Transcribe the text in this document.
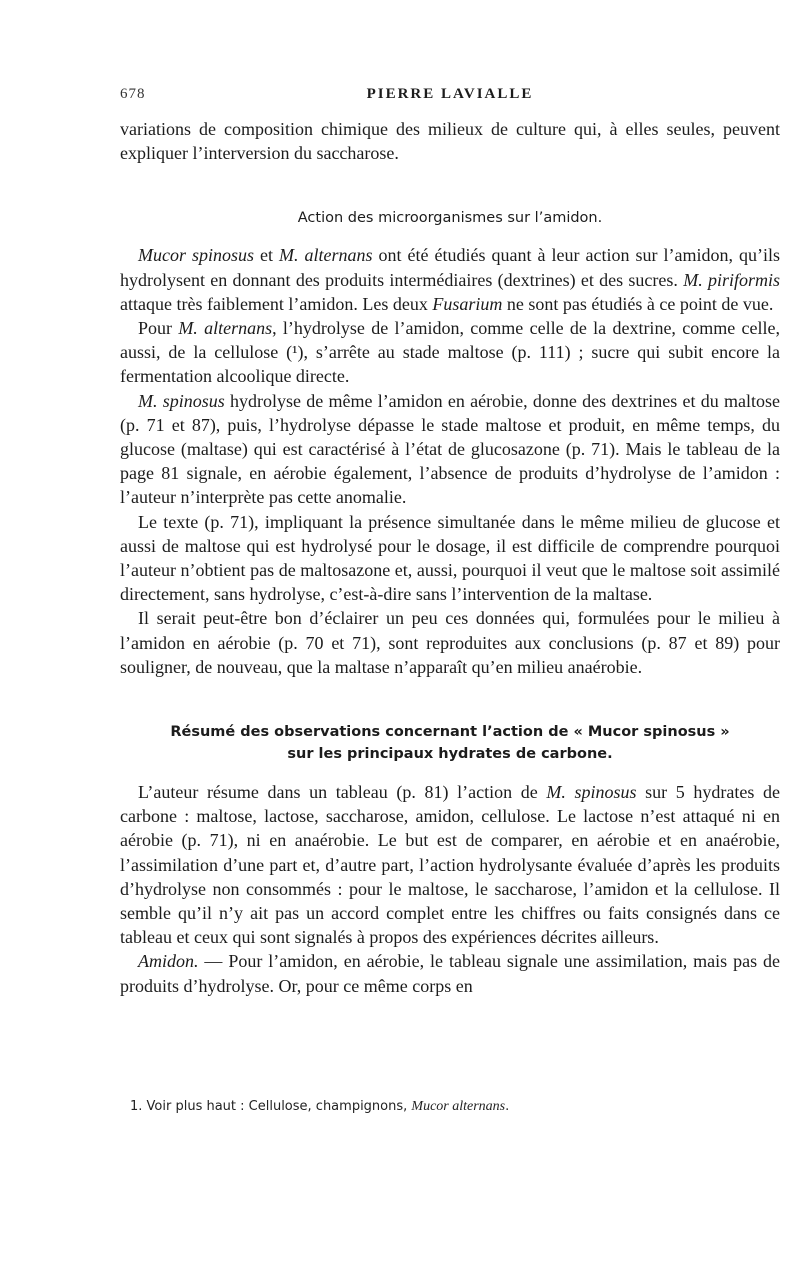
678	PIERRE LAVIALLE

variations de composition chimique des milieux de culture qui, à elles seules, peuvent expliquer l’interversion du saccharose.

Action des microorganismes sur l’amidon.

Mucor spinosus et M. alternans ont été étudiés quant à leur action sur l’amidon, qu’ils hydrolysent en donnant des produits intermédiaires (dextrines) et des sucres. M. piriformis attaque très faiblement l’amidon. Les deux Fusarium ne sont pas étudiés à ce point de vue.

Pour M. alternans, l’hydrolyse de l’amidon, comme celle de la dextrine, comme celle, aussi, de la cellulose (¹), s’arrête au stade maltose (p. 111) ; sucre qui subit encore la fermentation alcoolique directe.

M. spinosus hydrolyse de même l’amidon en aérobie, donne des dextrines et du maltose (p. 71 et 87), puis, l’hydrolyse dépasse le stade maltose et produit, en même temps, du glucose (maltase) qui est caractérisé à l’état de glucosazone (p. 71). Mais le tableau de la page 81 signale, en aérobie également, l’absence de produits d’hydrolyse de l’amidon : l’auteur n’interprète pas cette anomalie.

Le texte (p. 71), impliquant la présence simultanée dans le même milieu de glucose et aussi de maltose qui est hydrolysé pour le dosage, il est difficile de comprendre pourquoi l’auteur n’obtient pas de maltosazone et, aussi, pourquoi il veut que le maltose soit assimilé directement, sans hydrolyse, c’est-à-dire sans l’intervention de la maltase.

Il serait peut-être bon d’éclairer un peu ces données qui, formulées pour le milieu à l’amidon en aérobie (p. 70 et 71), sont reproduites aux conclusions (p. 87 et 89) pour souligner, de nouveau, que la maltase n’apparaît qu’en milieu anaérobie.

Résumé des observations concernant l’action de « Mucor spinosus »
sur les principaux hydrates de carbone.

L’auteur résume dans un tableau (p. 81) l’action de M. spinosus sur 5 hydrates de carbone : maltose, lactose, saccharose, amidon, cellulose. Le lactose n’est attaqué ni en aérobie (p. 71), ni en anaérobie. Le but est de comparer, en aérobie et en anaérobie, l’assimilation d’une part et, d’autre part, l’action hydrolysante évaluée d’après les produits d’hydrolyse non consommés : pour le maltose, le saccharose, l’amidon et la cellulose. Il semble qu’il n’y ait pas un accord complet entre les chiffres ou faits consignés dans ce tableau et ceux qui sont signalés à propos des expériences décrites ailleurs.

Amidon. — Pour l’amidon, en aérobie, le tableau signale une assimilation, mais pas de produits d’hydrolyse. Or, pour ce même corps en

1. Voir plus haut : Cellulose, champignons, Mucor alternans.
